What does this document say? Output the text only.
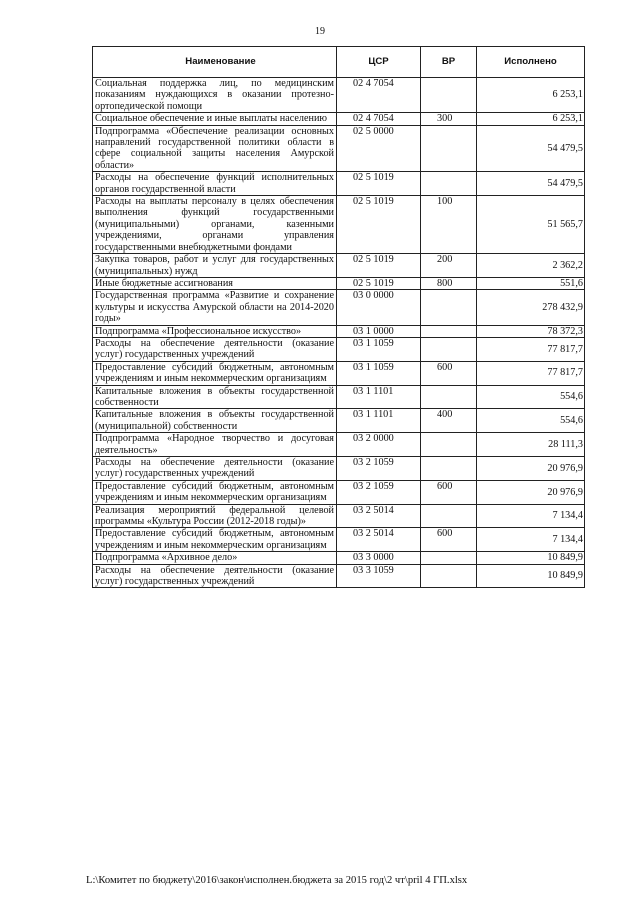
19
Наименование	ЦСР	ВР	Исполнено
Социальная поддержка лиц, по медицинским показаниям нуждающихся в оказании протезно-ортопедической помощи	02 4 7054		6 253,1
Социальное обеспечение и иные выплаты населению	02 4 7054	300	6 253,1
Подпрограмма «Обеспечение реализации основных направлений государственной политики области в сфере социальной защиты населения Амурской области»	02 5 0000		54 479,5
Расходы на обеспечение функций исполнительных органов государственной власти	02 5 1019		54 479,5
Расходы на выплаты персоналу в целях обеспечения выполнения функций государственными (муниципальными) органами, казенными учреждениями, органами управления государственными внебюджетными фондами	02 5 1019	100	51 565,7
Закупка товаров, работ и услуг для государственных (муниципальных) нужд	02 5 1019	200	2 362,2
Иные бюджетные ассигнования	02 5 1019	800	551,6
Государственная программа «Развитие и сохранение культуры и искусства Амурской области на 2014-2020 годы»	03 0 0000		278 432,9
Подпрограмма «Профессиональное искусство»	03 1 0000		78 372,3
Расходы на обеспечение деятельности (оказание услуг) государственных учреждений	03 1 1059		77 817,7
Предоставление субсидий бюджетным, автономным учреждениям и иным некоммерческим организациям	03 1 1059	600	77 817,7
Капитальные вложения в объекты государственной собственности	03 1 1101		554,6
Капитальные вложения в объекты государственной (муниципальной) собственности	03 1 1101	400	554,6
Подпрограмма «Народное творчество и досуговая деятельность»	03 2 0000		28 111,3
Расходы на обеспечение деятельности (оказание услуг) государственных учреждений	03 2 1059		20 976,9
Предоставление субсидий бюджетным, автономным учреждениям и иным некоммерческим организациям	03 2 1059	600	20 976,9
Реализация мероприятий федеральной целевой программы «Культура России (2012-2018 годы)»	03 2 5014		7 134,4
Предоставление субсидий бюджетным, автономным учреждениям и иным некоммерческим организациям	03 2 5014	600	7 134,4
Подпрограмма «Архивное дело»	03 3 0000		10 849,9
Расходы на обеспечение деятельности (оказание услуг) государственных учреждений	03 3 1059		10 849,9
L:\Комитет по бюджету\2016\закон\исполнен.бюджета за 2015 год\2 чт\pril 4 ГП.xlsx
